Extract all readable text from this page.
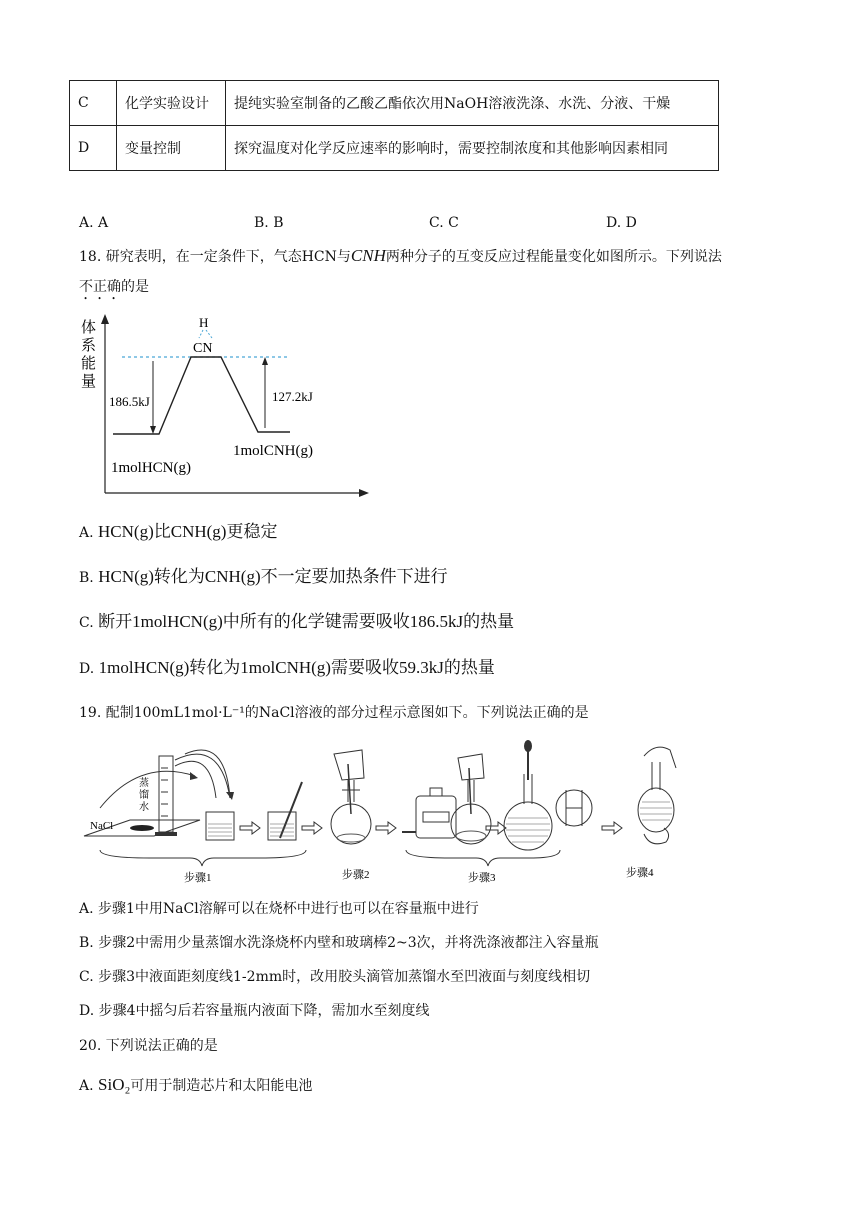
C	化学实验设计	提纯实验室制备的乙酸乙酯依次用NaOH溶液洗涤、水洗、分液、干燥
D	变量控制	探究温度对化学反应速率的影响时，需要控制浓度和其他影响因素相同
A. A	B. B	C. C	D. D
18. 研究表明，在一定条件下，气态HCN与CNH两种分子的互变反应过程能量变化如图所示。下列说法
不正确的是
体
系
能
量
H
CN
186.5kJ	127.2kJ
1molHCN(g)
1molCNH(g)
A. HCN(g)比CNH(g)更稳定
B. HCN(g)转化为CNH(g)不一定要加热条件下进行
C. 断开1molHCN(g)中所有的化学键需要吸收186.5kJ的热量
D. 1molHCN(g)转化为1molCNH(g)需要吸收59.3kJ的热量
19. 配制100mL1mol·L⁻¹的NaCl溶液的部分过程示意图如下。下列说法正确的是
NaCl
蒸
馏
水
步骤1	步骤2	步骤3	步骤4
A. 步骤1中用NaCl溶解可以在烧杯中进行也可以在容量瓶中进行
B. 步骤2中需用少量蒸馏水洗涤烧杯内壁和玻璃棒2~3次，并将洗涤液都注入容量瓶
C. 步骤3中液面距刻度线1-2mm时，改用胶头滴管加蒸馏水至凹液面与刻度线相切
D. 步骤4中摇匀后若容量瓶内液面下降，需加水至刻度线
20. 下列说法正确的是
A. SiO₂可用于制造芯片和太阳能电池
